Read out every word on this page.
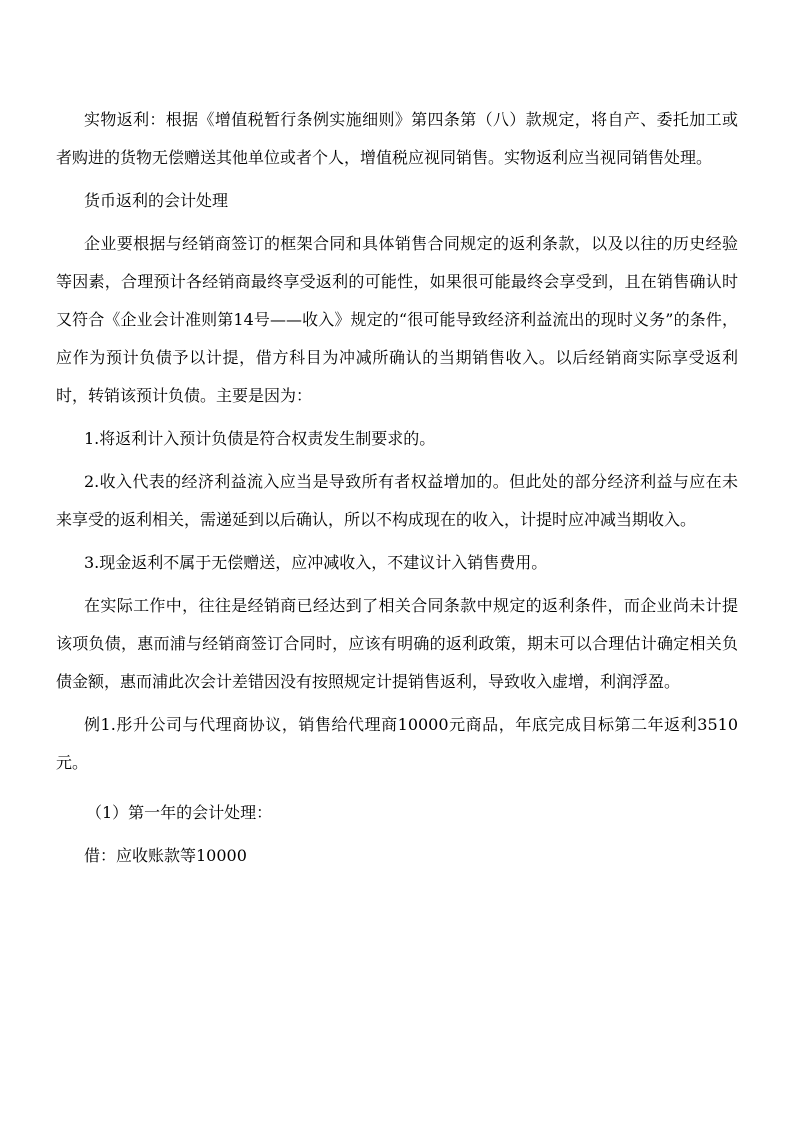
实物返利：根据《增值税暂行条例实施细则》第四条第（八）款规定，将自产、委托加工或者购进的货物无偿赠送其他单位或者个人，增值税应视同销售。实物返利应当视同销售处理。

货币返利的会计处理

企业要根据与经销商签订的框架合同和具体销售合同规定的返利条款，以及以往的历史经验等因素，合理预计各经销商最终享受返利的可能性，如果很可能最终会享受到，且在销售确认时又符合《企业会计准则第14号——收入》规定的“很可能导致经济利益流出的现时义务”的条件，应作为预计负债予以计提，借方科目为冲减所确认的当期销售收入。以后经销商实际享受返利时，转销该预计负债。主要是因为：

1.将返利计入预计负债是符合权责发生制要求的。

2.收入代表的经济利益流入应当是导致所有者权益增加的。但此处的部分经济利益与应在未来享受的返利相关，需递延到以后确认，所以不构成现在的收入，计提时应冲减当期收入。

3.现金返利不属于无偿赠送，应冲减收入，不建议计入销售费用。

在实际工作中，往往是经销商已经达到了相关合同条款中规定的返利条件，而企业尚未计提该项负债，惠而浦与经销商签订合同时，应该有明确的返利政策，期末可以合理估计确定相关负债金额，惠而浦此次会计差错因没有按照规定计提销售返利，导致收入虚增，利润浮盈。

例1.彤升公司与代理商协议，销售给代理商10000元商品，年底完成目标第二年返利3510元。

（1）第一年的会计处理：

借：应收账款等10000
